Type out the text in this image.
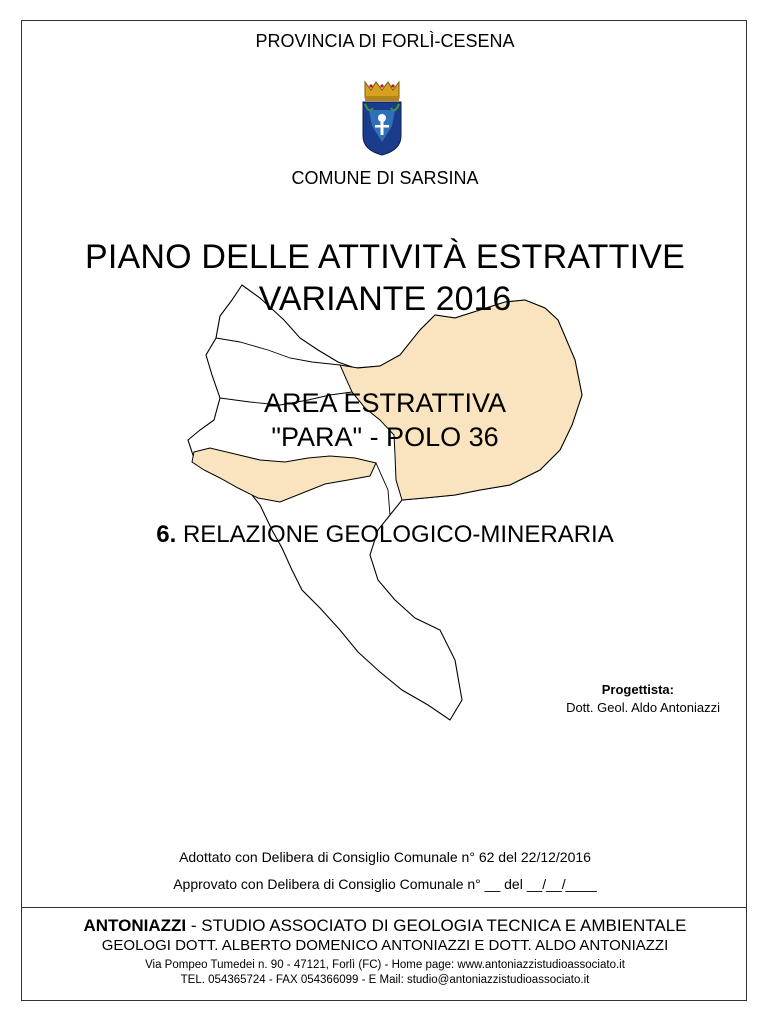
PROVINCIA DI FORLÌ-CESENA
COMUNE DI SARSINA
PIANO DELLE ATTIVITÀ ESTRATTIVE
VARIANTE 2016
AREA ESTRATTIVA
"PARA" - POLO 36
6. RELAZIONE GEOLOGICO-MINERARIA
Progettista:
Dott. Geol. Aldo Antoniazzi
Adottato con Delibera di Consiglio Comunale n° 62 del 22/12/2016
Approvato con Delibera di Consiglio Comunale n° __ del __/__/____
ANTONIAZZI - STUDIO ASSOCIATO DI GEOLOGIA TECNICA E AMBIENTALE
GEOLOGI DOTT. ALBERTO DOMENICO ANTONIAZZI E DOTT. ALDO ANTONIAZZI
Via Pompeo Tumedei n. 90 - 47121, Forlì (FC) - Home page: www.antoniazzistudioassociato.it
TEL. 054365724 - FAX 054366099 - E Mail: studio@antoniazzistudioassociato.it
